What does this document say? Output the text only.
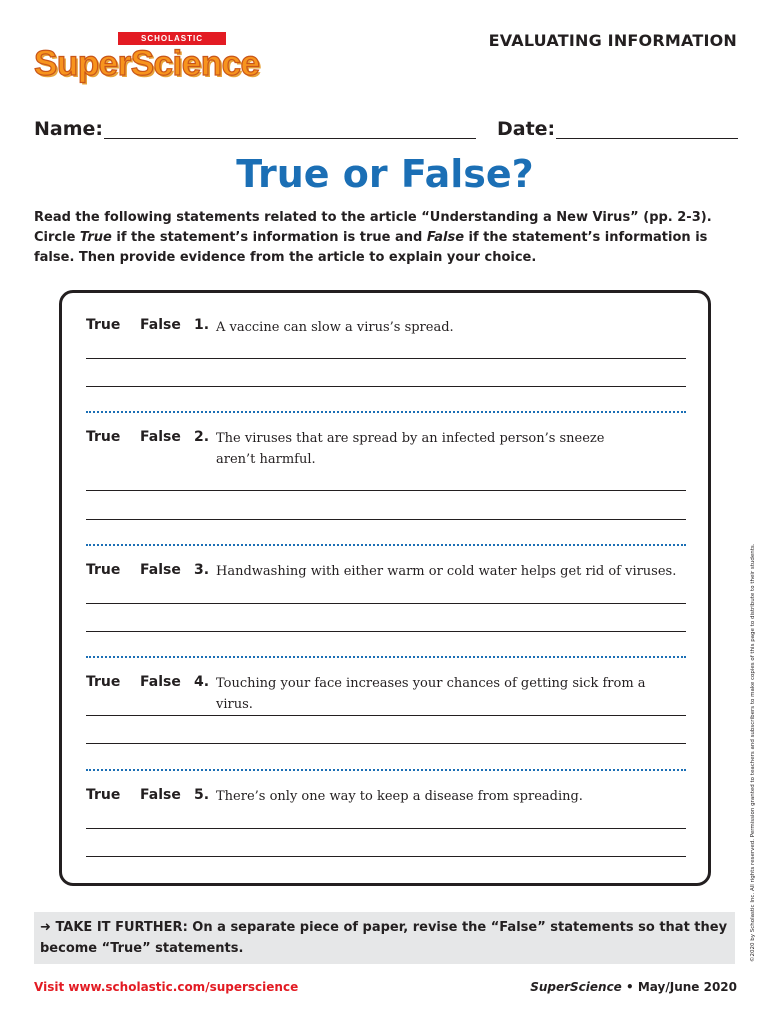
SCHOLASTIC
SuperScience
EVALUATING INFORMATION
Name:	Date:
True or False?
Read the following statements related to the article “Understanding a New Virus” (pp. 2-3). Circle True if the statement’s information is true and False if the statement’s information is false. Then provide evidence from the article to explain your choice.
True False 1. A vaccine can slow a virus’s spread.
True False 2. The viruses that are spread by an infected person’s sneeze aren’t harmful.
True False 3. Handwashing with either warm or cold water helps get rid of viruses.
True False 4. Touching your face increases your chances of getting sick from a virus.
True False 5. There’s only one way to keep a disease from spreading.	©2020 by Scholastic Inc. All rights reserved. Permission granted to teachers and subscribers to make copies of this page to distribute to their students.
➜ TAKE IT FURTHER: On a separate piece of paper, revise the “False” statements so that they become “True” statements.
Visit www.scholastic.com/superscience	SuperScience • May/June 2020
